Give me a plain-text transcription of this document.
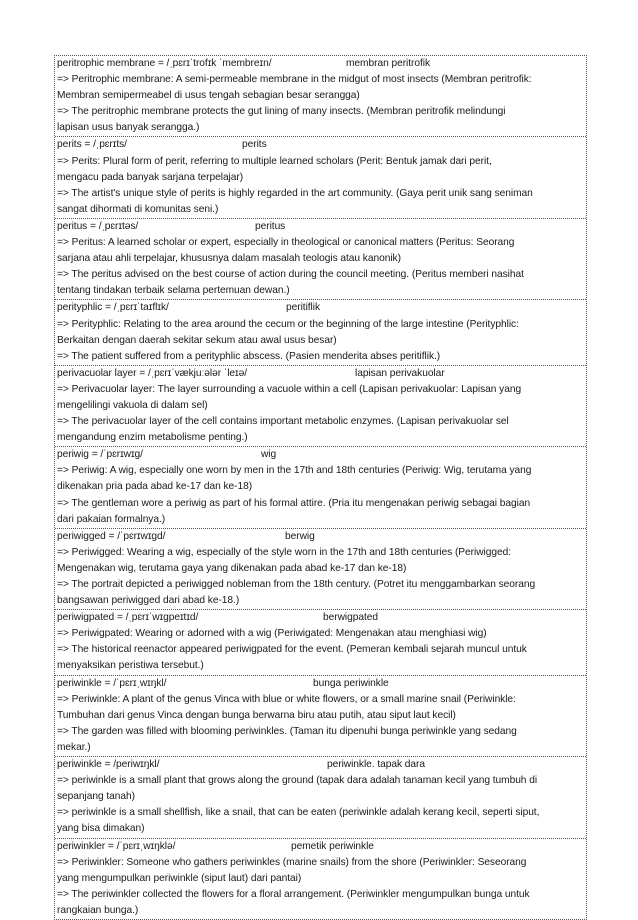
peritrophic membrane = /ˌpɛrɪˈtrofɪk ˈmembreɪn/	membran peritrofik
=> Peritrophic membrane: A semi-permeable membrane in the midgut of most insects (Membran peritrofik:
Membran semipermeabel di usus tengah sebagian besar serangga)
=> The peritrophic membrane protects the gut lining of many insects. (Membran peritrofik melindungi
lapisan usus banyak serangga.)
perits = /ˌpɛrɪts/	perits
=> Perits: Plural form of perit, referring to multiple learned scholars (Perit: Bentuk jamak dari perit,
mengacu pada banyak sarjana terpelajar)
=> The artist's unique style of perits is highly regarded in the art community. (Gaya perit unik sang seniman
sangat dihormati di komunitas seni.)
peritus = /ˌpɛrɪtəs/	peritus
=> Peritus: A learned scholar or expert, especially in theological or canonical matters (Peritus: Seorang
sarjana atau ahli terpelajar, khususnya dalam masalah teologis atau kanonik)
=> The peritus advised on the best course of action during the council meeting. (Peritus memberi nasihat
tentang tindakan terbaik selama pertemuan dewan.)
perityphlic = /ˌpɛrɪˈtaɪflɪk/	peritiflik
=> Perityphlic: Relating to the area around the cecum or the beginning of the large intestine (Perityphlic:
Berkaitan dengan daerah sekitar sekum atau awal usus besar)
=> The patient suffered from a perityphlic abscess. (Pasien menderita abses peritiflik.)
perivacuolar layer = /ˌpɛrɪˈvækjuːələr ˈleɪə/	lapisan perivakuolar
=> Perivacuolar layer: The layer surrounding a vacuole within a cell (Lapisan perivakuolar: Lapisan yang
mengelilingi vakuola di dalam sel)
=> The perivacuolar layer of the cell contains important metabolic enzymes. (Lapisan perivakuolar sel
mengandung enzim metabolisme penting.)
periwig = /ˈpɛrɪwɪɡ/	wig
=> Periwig: A wig, especially one worn by men in the 17th and 18th centuries (Periwig: Wig, terutama yang
dikenakan pria pada abad ke-17 dan ke-18)
=> The gentleman wore a periwig as part of his formal attire. (Pria itu mengenakan periwig sebagai bagian
dari pakaian formalnya.)
periwigged = /ˈpɛrɪwɪɡd/	berwig
=> Periwigged: Wearing a wig, especially of the style worn in the 17th and 18th centuries (Periwigged:
Mengenakan wig, terutama gaya yang dikenakan pada abad ke-17 dan ke-18)
=> The portrait depicted a periwigged nobleman from the 18th century. (Potret itu menggambarkan seorang
bangsawan periwigged dari abad ke-18.)
periwigpated = /ˌpɛrɪˈwɪɡpeɪtɪd/	berwigpated
=> Periwigpated: Wearing or adorned with a wig (Periwigated: Mengenakan atau menghiasi wig)
=> The historical reenactor appeared periwigpated for the event. (Pemeran kembali sejarah muncul untuk
menyaksikan peristiwa tersebut.)
periwinkle = /ˈpɛrɪˌwɪŋkl/	bunga periwinkle
=> Periwinkle: A plant of the genus Vinca with blue or white flowers, or a small marine snail (Periwinkle:
Tumbuhan dari genus Vinca dengan bunga berwarna biru atau putih, atau siput laut kecil)
=> The garden was filled with blooming periwinkles. (Taman itu dipenuhi bunga periwinkle yang sedang
mekar.)
periwinkle = /periwɪŋkl/	periwinkle. tapak dara
=> periwinkle is a small plant that grows along the ground (tapak dara adalah tanaman kecil yang tumbuh di
sepanjang tanah)
=> periwinkle is a small shellfish, like a snail, that can be eaten (periwinkle adalah kerang kecil, seperti siput,
yang bisa dimakan)
periwinkler = /ˈpɛrɪˌwɪŋklə/	pemetik periwinkle
=> Periwinkler: Someone who gathers periwinkles (marine snails) from the shore (Periwinkler: Seseorang
yang mengumpulkan periwinkle (siput laut) dari pantai)
=> The periwinkler collected the flowers for a floral arrangement. (Periwinkler mengumpulkan bunga untuk
rangkaian bunga.)
